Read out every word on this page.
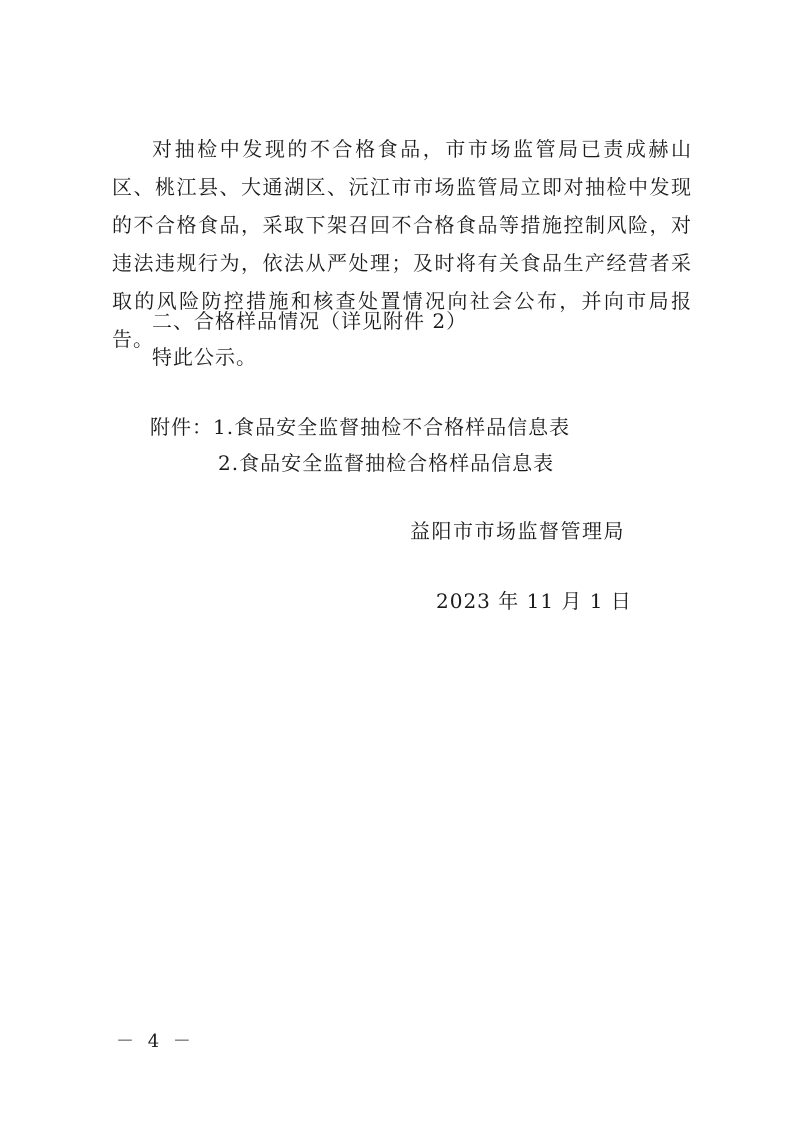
对抽检中发现的不合格食品，市市场监管局已责成赫山区、桃江县、大通湖区、沅江市市场监管局立即对抽检中发现的不合格食品，采取下架召回不合格食品等措施控制风险，对违法违规行为，依法从严处理；及时将有关食品生产经营者采取的风险防控措施和核查处置情况向社会公布，并向市局报告。
二、合格样品情况（详见附件 2）
特此公示。
附件：1.食品安全监督抽检不合格样品信息表
2.食品安全监督抽检合格样品信息表
益阳市市场监督管理局
2023 年 11 月 1 日
－ 4 －
